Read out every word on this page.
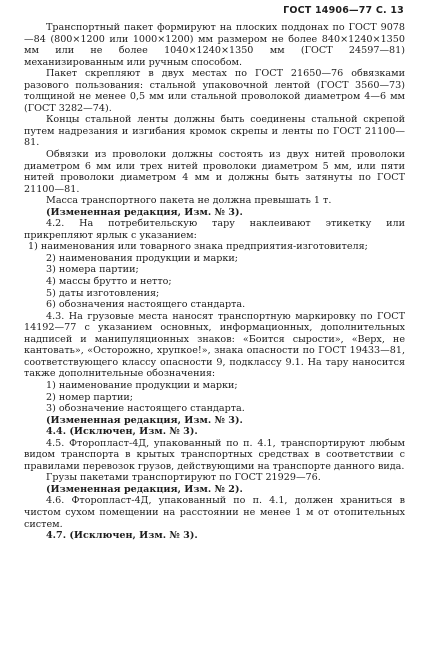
ГОСТ 14906—77 С. 13

Транспортный пакет формируют на плоских поддонах по ГОСТ 9078—84 (800×1200 или 1000×1200) мм размером не более 840×1240×1350 мм или не более 1040×1240×1350 мм (ГОСТ 24597—81) механизированным или ручным способом.

Пакет скрепляют в двух местах по ГОСТ 21650—76 обвязками разового пользования: стальной упаковочной лентой (ГОСТ 3560—73) толщиной не менее 0,5 мм или стальной проволокой диаметром 4—6 мм (ГОСТ 3282—74).

Концы стальной ленты должны быть соединены стальной скрепой путем надрезания и изгибания кромок скрепы и ленты по ГОСТ 21100—81.

Обвязки из проволоки должны состоять из двух нитей проволоки диаметром 6 мм или трех нитей проволоки диаметром 5 мм, или пяти нитей проволоки диаметром 4 мм и должны быть затянуты по ГОСТ 21100—81.

Масса транспортного пакета не должна превышать 1 т.

(Измененная редакция, Изм. № 3).

4.2. На потребительскую тару наклеивают этикетку или прикрепляют ярлык с указанием:

1) наименования или товарного знака предприятия-изготовителя;

2) наименования продукции и марки;

3) номера партии;

4) массы брутто и нетто;

5) даты изготовления;

6) обозначения настоящего стандарта.

4.3. На грузовые места наносят транспортную маркировку по ГОСТ 14192—77 с указанием основных, информационных, дополнительных надписей и манипуляционных знаков: «Боится сырости», «Верх, не кантовать», «Осторожно, хрупкое!», знака опасности по ГОСТ 19433—81, соответствующего классу опасности 9, подклассу 9.1. На тару наносится также дополнительные обозначения:

1) наименование продукции и марки;

2) номер партии;

3) обозначение настоящего стандарта.

(Измененная редакция, Изм. № 3).

4.4. (Исключен, Изм. № 3).

4.5. Фторопласт-4Д, упакованный по п. 4.1, транспортируют любым видом транспорта в крытых транспортных средствах в соответствии с правилами перевозок грузов, действующими на транспорте данного вида.

Грузы пакетами транспортируют по ГОСТ 21929—76.

(Измененная редакция, Изм. № 2).

4.6. Фторопласт-4Д, упакованный по п. 4.1, должен храниться в чистом сухом помещении на расстоянии не менее 1 м от отопительных систем.

4.7. (Исключен, Изм. № 3).
